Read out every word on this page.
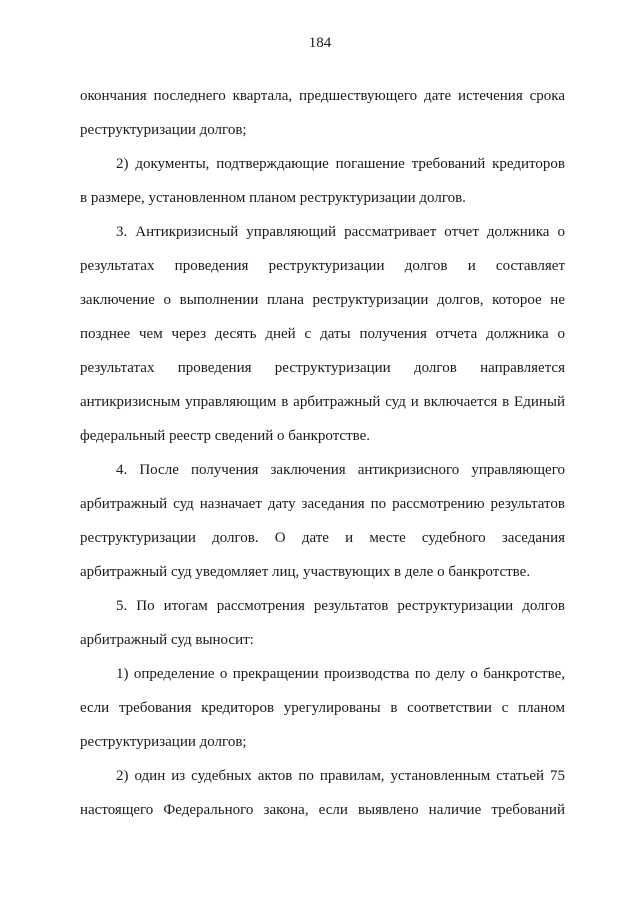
184
окончания последнего квартала, предшествующего дате истечения срока
реструктуризации долгов;
2) документы, подтверждающие погашение требований кредиторов
в размере, установленном планом реструктуризации долгов.
3. Антикризисный управляющий рассматривает отчет должника о
результатах проведения реструктуризации долгов и составляет
заключение о выполнении плана реструктуризации долгов, которое не
позднее чем через десять дней с даты получения отчета должника о
результатах проведения реструктуризации долгов направляется
антикризисным управляющим в арбитражный суд и включается в Единый
федеральный реестр сведений о банкротстве.
4. После получения заключения антикризисного управляющего
арбитражный суд назначает дату заседания по рассмотрению результатов
реструктуризации долгов. О дате и месте судебного заседания
арбитражный суд уведомляет лиц, участвующих в деле о банкротстве.
5. По итогам рассмотрения результатов реструктуризации долгов
арбитражный суд выносит:
1) определение о прекращении производства по делу о банкротстве,
если требования кредиторов урегулированы в соответствии с планом
реструктуризации долгов;
2) один из судебных актов по правилам, установленным статьей 75
настоящего Федерального закона, если выявлено наличие требований
